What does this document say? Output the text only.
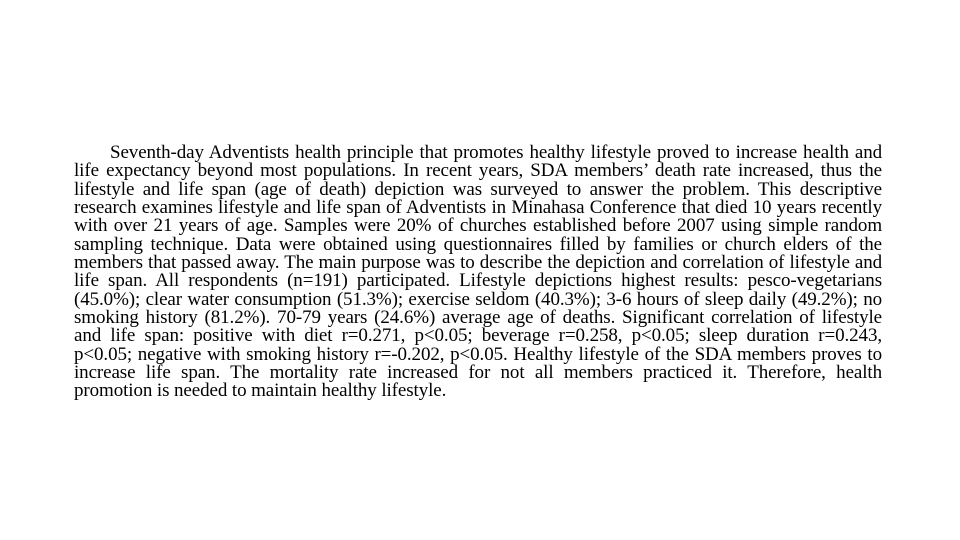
Seventh-day Adventists health principle that promotes healthy lifestyle proved to increase health and life expectancy beyond most populations. In recent years, SDA members’ death rate increased, thus the lifestyle and life span (age of death) depiction was surveyed to answer the problem. This descriptive research examines lifestyle and life span of Adventists in Minahasa Conference that died 10 years recently with over 21 years of age. Samples were 20% of churches established before 2007 using simple random sampling technique. Data were obtained using questionnaires filled by families or church elders of the members that passed away. The main purpose was to describe the depiction and correlation of lifestyle and life span. All respondents (n=191) participated. Lifestyle depictions highest results: pesco-vegetarians (45.0%); clear water consumption (51.3%); exercise seldom (40.3%); 3-6 hours of sleep daily (49.2%); no smoking history (81.2%). 70-79 years (24.6%) average age of deaths. Significant correlation of lifestyle and life span: positive with diet r=0.271, p<0.05; beverage r=0.258, p<0.05; sleep duration r=0.243, p<0.05; negative with smoking history r=-0.202, p<0.05. Healthy lifestyle of the SDA members proves to increase life span. The mortality rate increased for not all members practiced it. Therefore, health promotion is needed to maintain healthy lifestyle.
